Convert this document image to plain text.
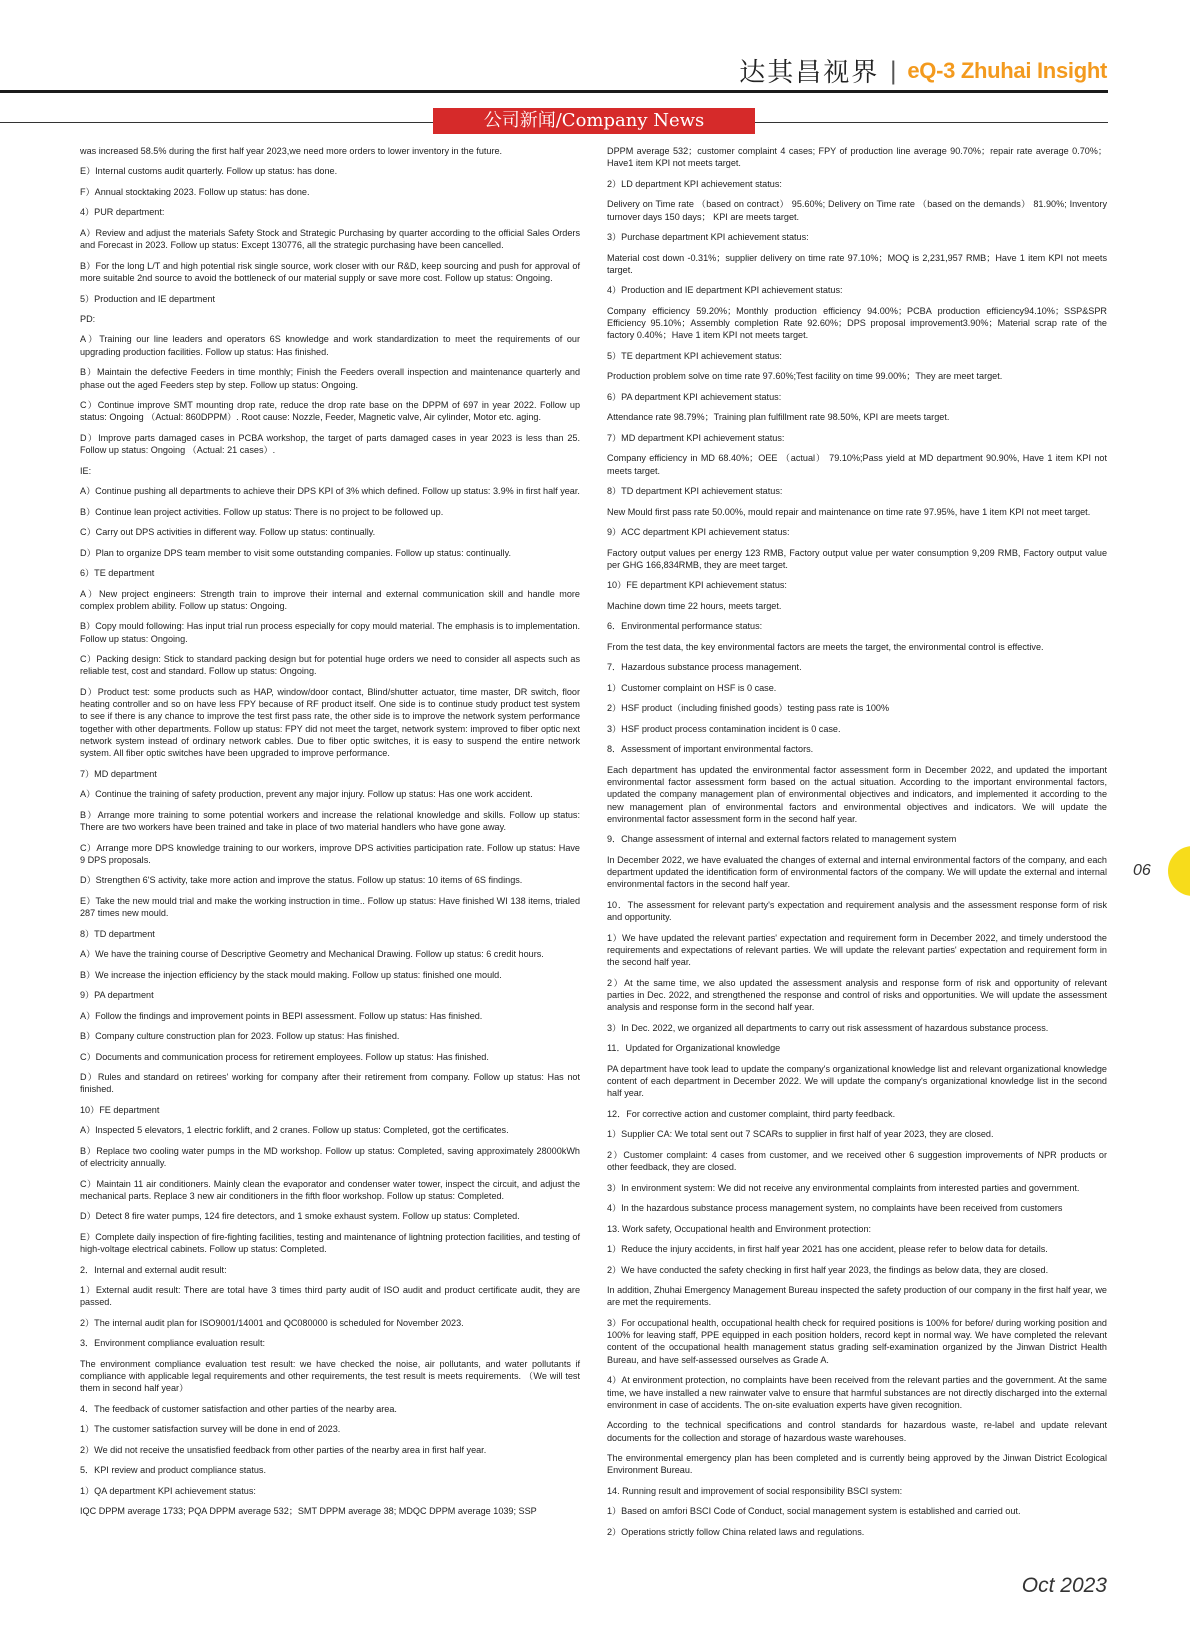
达其昌视界 | eQ-3 Zhuhai Insight
公司新闻/Company News

was increased 58.5% during the first half year 2023,we need more orders to lower inventory in the future.

E）Internal customs audit quarterly. Follow up status: has done.

F）Annual stocktaking 2023. Follow up status: has done.

4）PUR department:

A）Review and adjust the materials Safety Stock and Strategic Purchasing by quarter according to the official Sales Orders and Forecast in 2023. Follow up status: Except 130776, all the strategic purchasing have been cancelled.

B）For the long L/T and high potential risk single source, work closer with our R&D, keep sourcing and push for approval of more suitable 2nd source to avoid the bottleneck of our material supply or save more cost. Follow up status: Ongoing.

5）Production and IE department

PD:

A）Training our line leaders and operators 6S knowledge and work standardization to meet the requirements of our upgrading production facilities. Follow up status: Has finished.

B）Maintain the defective Feeders in time monthly; Finish the Feeders overall inspection and maintenance quarterly and phase out the aged Feeders step by step. Follow up status: Ongoing.

C）Continue improve SMT mounting drop rate, reduce the drop rate base on the DPPM of 697 in year 2022. Follow up status: Ongoing （Actual: 860DPPM）. Root cause: Nozzle, Feeder, Magnetic valve, Air cylinder, Motor etc. aging.

D）Improve parts damaged cases in PCBA workshop, the target of parts damaged cases in year 2023 is less than 25. Follow up status: Ongoing （Actual: 21 cases）.

IE:

A）Continue pushing all departments to achieve their DPS KPI of 3% which defined. Follow up status: 3.9% in first half year.

B）Continue lean project activities. Follow up status: There is no project to be followed up.

C）Carry out DPS activities in different way. Follow up status: continually.

D）Plan to organize DPS team member to visit some outstanding companies. Follow up status: continually.

6）TE department

A）New project engineers: Strength train to improve their internal and external communication skill and handle more complex problem ability. Follow up status: Ongoing.

B）Copy mould following: Has input trial run process especially for copy mould material. The emphasis is to implementation. Follow up status: Ongoing.

C）Packing design: Stick to standard packing design but for potential huge orders we need to consider all aspects such as reliable test, cost and standard. Follow up status: Ongoing.

D）Product test: some products such as HAP, window/door contact, Blind/shutter actuator, time master, DR switch, floor heating controller and so on have less FPY because of RF product itself. One side is to continue study product test system to see if there is any chance to improve the test first pass rate, the other side is to improve the network system performance together with other departments. Follow up status: FPY did not meet the target, network system: improved to fiber optic next network system instead of ordinary network cables. Due to fiber optic switches, it is easy to suspend the entire network system. All fiber optic switches have been upgraded to improve performance.

7）MD department

A）Continue the training of safety production, prevent any major injury. Follow up status: Has one work accident.

B）Arrange more training to some potential workers and increase the relational knowledge and skills. Follow up status: There are two workers have been trained and take in place of two material handlers who have gone away.

C）Arrange more DPS knowledge training to our workers, improve DPS activities participation rate. Follow up status: Have 9 DPS proposals.

D）Strengthen 6'S activity, take more action and improve the status. Follow up status: 10 items of 6S findings.

E）Take the new mould trial and make the working instruction in time.. Follow up status: Have finished WI 138 items, trialed 287 times new mould.

8）TD department

A）We have the training course of Descriptive Geometry and Mechanical Drawing. Follow up status: 6 credit hours.

B）We increase the injection efficiency by the stack mould making. Follow up status: finished one mould.

9）PA department

A）Follow the findings and improvement points in BEPI assessment. Follow up status: Has finished.

B）Company culture construction plan for 2023. Follow up status: Has finished.

C）Documents and communication process for retirement employees. Follow up status: Has finished.

D）Rules and standard on retirees' working for company after their retirement from company. Follow up status: Has not finished.

10）FE department

A）Inspected 5 elevators, 1 electric forklift, and 2 cranes. Follow up status: Completed, got the certificates.

B）Replace two cooling water pumps in the MD workshop. Follow up status: Completed, saving approximately 28000kWh of electricity annually.

C）Maintain 11 air conditioners. Mainly clean the evaporator and condenser water tower, inspect the circuit, and adjust the mechanical parts. Replace 3 new air conditioners in the fifth floor workshop. Follow up status: Completed.

D）Detect 8 fire water pumps, 124 fire detectors, and 1 smoke exhaust system. Follow up status: Completed.

E）Complete daily inspection of fire-fighting facilities, testing and maintenance of lightning protection facilities, and testing of high-voltage electrical cabinets. Follow up status: Completed.

2．Internal and external audit result:

1）External audit result: There are total have 3 times third party audit of ISO audit and product certificate audit, they are passed.

2）The internal audit plan for ISO9001/14001 and QC080000 is scheduled for November 2023.

3．Environment compliance evaluation result:

The environment compliance evaluation test result: we have checked the noise, air pollutants, and water pollutants if compliance with applicable legal requirements and other requirements, the test result is meets requirements. （We will test them in second half year）

4．The feedback of customer satisfaction and other parties of the nearby area.

1）The customer satisfaction survey will be done in end of 2023.

2）We did not receive the unsatisfied feedback from other parties of the nearby area in first half year.

5．KPI review and product compliance status.

1）QA department KPI achievement status:

IQC DPPM average 1733; PQA DPPM average 532；SMT DPPM average 38; MDQC DPPM average 1039; SSP

DPPM average 532；customer complaint 4 cases; FPY of production line average 90.70%；repair rate average 0.70%；Have1 item KPI not meets target.

2）LD department KPI achievement status:

Delivery on Time rate （based on contract） 95.60%; Delivery on Time rate （based on the demands） 81.90%; Inventory turnover days 150 days； KPI are meets target.

3）Purchase department KPI achievement status:

Material cost down -0.31%；supplier delivery on time rate 97.10%；MOQ is 2,231,957 RMB；Have 1 item KPI not meets target.

4）Production and IE department KPI achievement status:

Company efficiency 59.20%；Monthly production efficiency 94.00%；PCBA production efficiency94.10%；SSP&SPR Efficiency 95.10%；Assembly completion Rate 92.60%；DPS proposal improvement3.90%；Material scrap rate of the factory 0.40%；Have 1 item KPI not meets target.

5）TE department KPI achievement status:

Production problem solve on time rate 97.60%;Test facility on time 99.00%；They are meet target.

6）PA department KPI achievement status:

Attendance rate 98.79%；Training plan fulfillment rate 98.50%, KPI are meets target.

7）MD department KPI achievement status:

Company efficiency in MD 68.40%；OEE （actual） 79.10%;Pass yield at MD department 90.90%, Have 1 item KPI not meets target.

8）TD department KPI achievement status:

New Mould first pass rate 50.00%, mould repair and maintenance on time rate 97.95%, have 1 item KPI not meet target.

9）ACC department KPI achievement status:

Factory output values per energy 123 RMB, Factory output value per water consumption 9,209 RMB, Factory output value per GHG 166,834RMB, they are meet target.

10）FE department KPI achievement status:

Machine down time 22 hours, meets target.

6．Environmental performance status:

From the test data, the key environmental factors are meets the target, the environmental control is effective.

7．Hazardous substance process management.

1）Customer complaint on HSF is 0 case.

2）HSF product（including finished goods）testing pass rate is 100%

3）HSF product process contamination incident is 0 case.

8．Assessment of important environmental factors.

Each department has updated the environmental factor assessment form in December 2022, and updated the important environmental factor assessment form based on the actual situation. According to the important environmental factors, updated the company management plan of environmental objectives and indicators, and implemented it according to the new management plan of environmental factors and environmental objectives and indicators. We will update the environmental factor assessment form in the second half year.

9．Change assessment of internal and external factors related to management system

In December 2022, we have evaluated the changes of external and internal environmental factors of the company, and each department updated the identification form of environmental factors of the company. We will update the external and internal environmental factors in the second half year.

10．The assessment for relevant party's expectation and requirement analysis and the assessment response form of risk and opportunity.

1）We have updated the relevant parties' expectation and requirement form in December 2022, and timely understood the requirements and expectations of relevant parties. We will update the relevant parties' expectation and requirement form in the second half year.

2）At the same time, we also updated the assessment analysis and response form of risk and opportunity of relevant parties in Dec. 2022, and strengthened the response and control of risks and opportunities. We will update the assessment analysis and response form in the second half year.

3）In Dec. 2022, we organized all departments to carry out risk assessment of hazardous substance process.

11．Updated for Organizational knowledge

PA department have took lead to update the company's organizational knowledge list and relevant organizational knowledge content of each department in December 2022. We will update the company's organizational knowledge list in the second half year.

12．For corrective action and customer complaint, third party feedback.

1）Supplier CA: We total sent out 7 SCARs to supplier in first half of year 2023, they are closed.

2）Customer complaint: 4 cases from customer, and we received other 6 suggestion improvements of NPR products or other feedback, they are closed.

3）In environment system: We did not receive any environmental complaints from interested parties and government.

4）In the hazardous substance process management system, no complaints have been received from customers

13. Work safety, Occupational health and Environment protection:

1）Reduce the injury accidents, in first half year 2021 has one accident, please refer to below data for details.

2）We have conducted the safety checking in first half year 2023, the findings as below data, they are closed.

In addition, Zhuhai Emergency Management Bureau inspected the safety production of our company in the first half year, we are met the requirements.

3）For occupational health, occupational health check for required positions is 100% for before/ during working position and 100% for leaving staff, PPE equipped in each position holders, record kept in normal way. We have completed the relevant content of the occupational health management status grading self-examination organized by the Jinwan District Health Bureau, and have self-assessed ourselves as Grade A.

4）At environment protection, no complaints have been received from the relevant parties and the government. At the same time, we have installed a new rainwater valve to ensure that harmful substances are not directly discharged into the external environment in case of accidents. The on-site evaluation experts have given recognition.

According to the technical specifications and control standards for hazardous waste, re-label and update relevant documents for the collection and storage of hazardous waste warehouses.

The environmental emergency plan has been completed and is currently being approved by the Jinwan District Ecological Environment Bureau.

14. Running result and improvement of social responsibility BSCI system:

1）Based on amfori BSCI Code of Conduct, social management system is established and carried out.

2）Operations strictly follow China related laws and regulations.

06
Oct 2023
